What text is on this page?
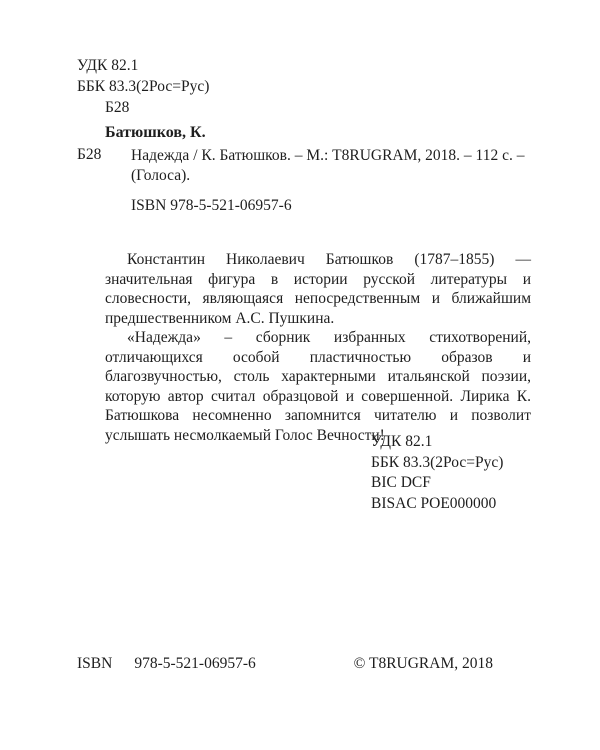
УДК 82.1
ББК 83.3(2Рос=Рус)
Б28
Батюшков, К.
Б28 Надежда / К. Батюшков. – М.: T8RUGRAM, 2018. – 112 с. – (Голоса).
ISBN 978-5-521-06957-6

Константин Николаевич Батюшков (1787–1855) — значительная фигура в истории русской литературы и словесности, являющаяся непосредственным и ближайшим предшественником А.С. Пушкина.

«Надежда» – сборник избранных стихотворений, отличающихся особой пластичностью образов и благозвучностью, столь характерными итальянской поэзии, которую автор считал образцовой и совершенной. Лирика К. Батюшкова несомненно запомнится читателю и позволит услышать несмолкаемый Голос Вечности!

УДК 82.1
ББК 83.3(2Рос=Рус)
BIC DCF
BISAC POE000000
ISBN 978-5-521-06957-6	© T8RUGRAM, 2018
